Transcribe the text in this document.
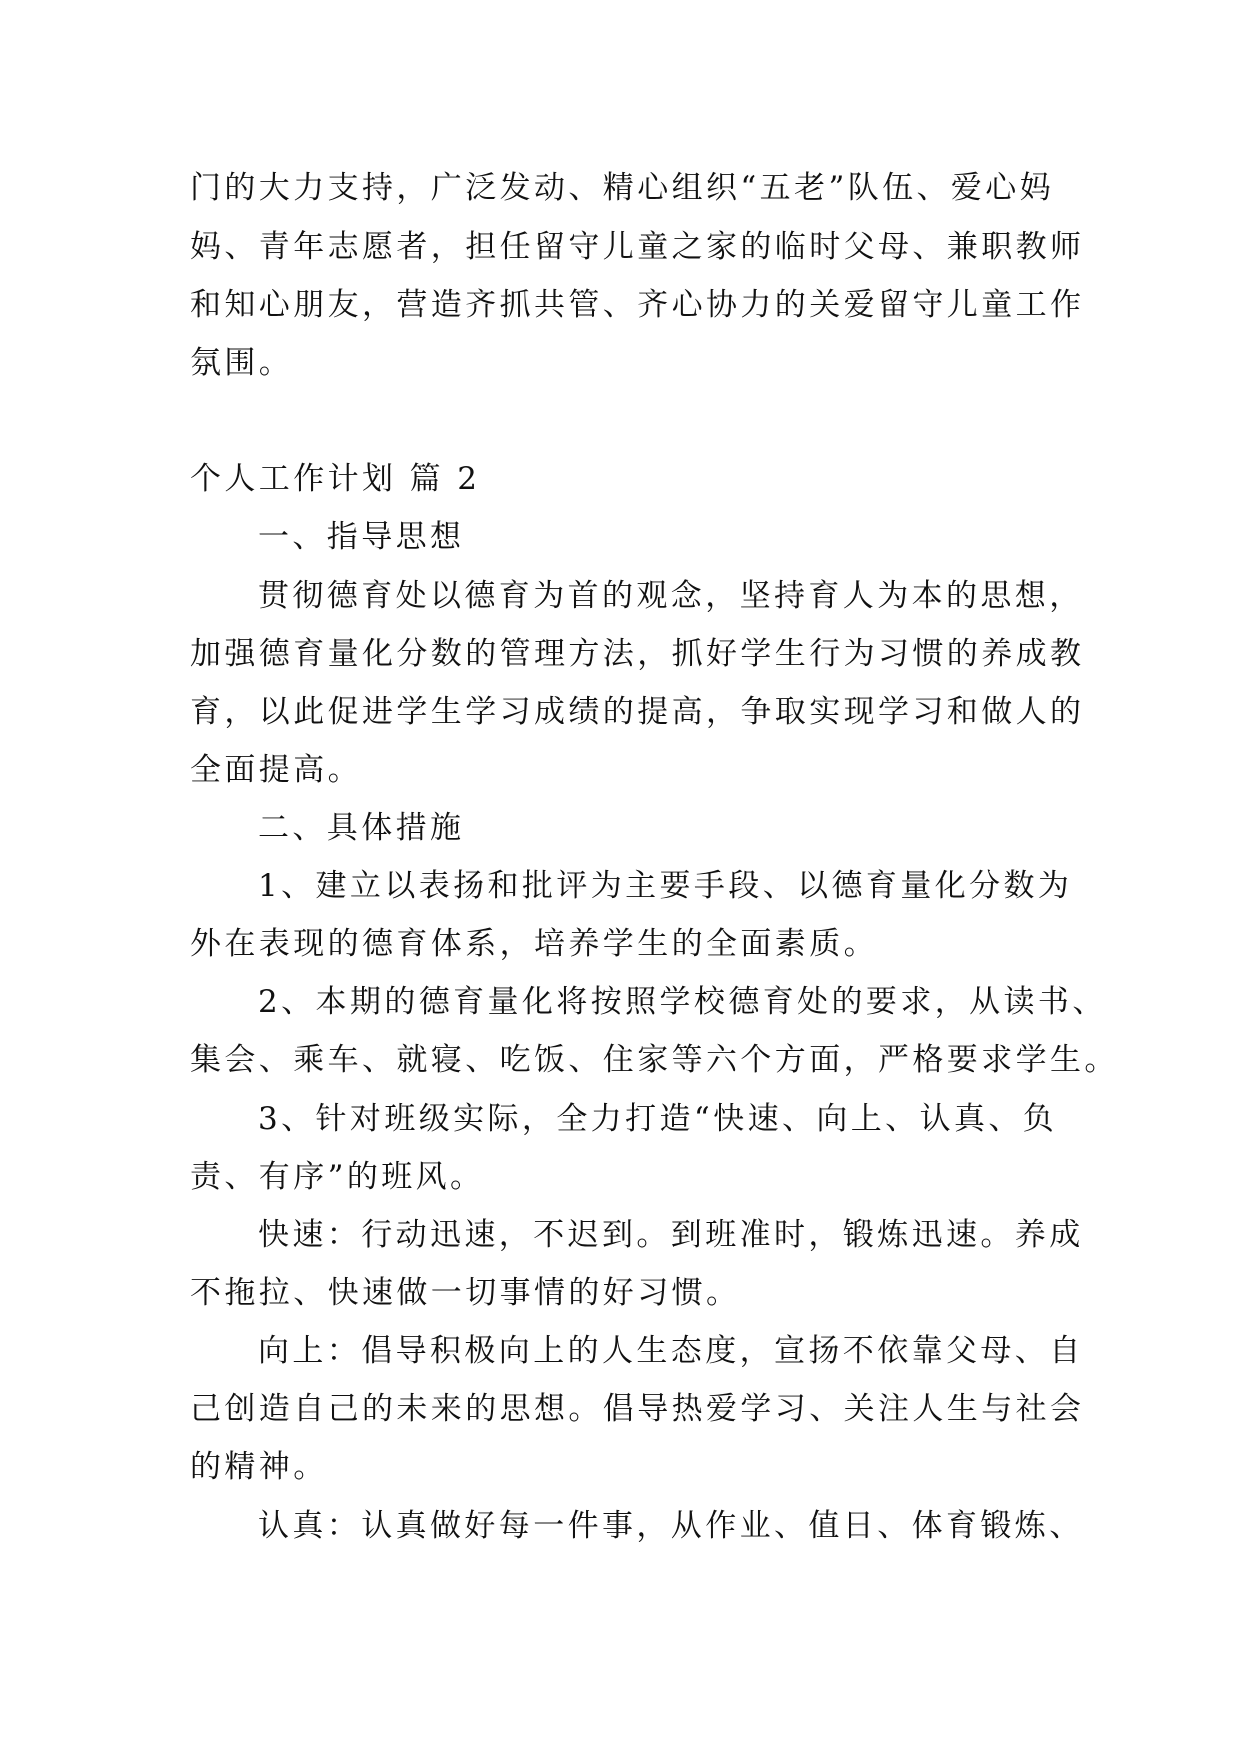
门的大力支持，广泛发动、精心组织“五老”队伍、爱心妈
妈、青年志愿者，担任留守儿童之家的临时父母、兼职教师
和知心朋友，营造齐抓共管、齐心协力的关爱留守儿童工作
氛围。
个人工作计划 篇 2
一、指导思想
贯彻德育处以德育为首的观念，坚持育人为本的思想，
加强德育量化分数的管理方法，抓好学生行为习惯的养成教
育，以此促进学生学习成绩的提高，争取实现学习和做人的
全面提高。
二、具体措施
1、建立以表扬和批评为主要手段、以德育量化分数为
外在表现的德育体系，培养学生的全面素质。
2、本期的德育量化将按照学校德育处的要求，从读书、
集会、乘车、就寝、吃饭、住家等六个方面，严格要求学生。
3、针对班级实际，全力打造“快速、向上、认真、负
责、有序”的班风。
快速：行动迅速，不迟到。到班准时，锻炼迅速。养成
不拖拉、快速做一切事情的好习惯。
向上：倡导积极向上的人生态度，宣扬不依靠父母、自
己创造自己的未来的思想。倡导热爱学习、关注人生与社会
的精神。
认真：认真做好每一件事，从作业、值日、体育锻炼、
